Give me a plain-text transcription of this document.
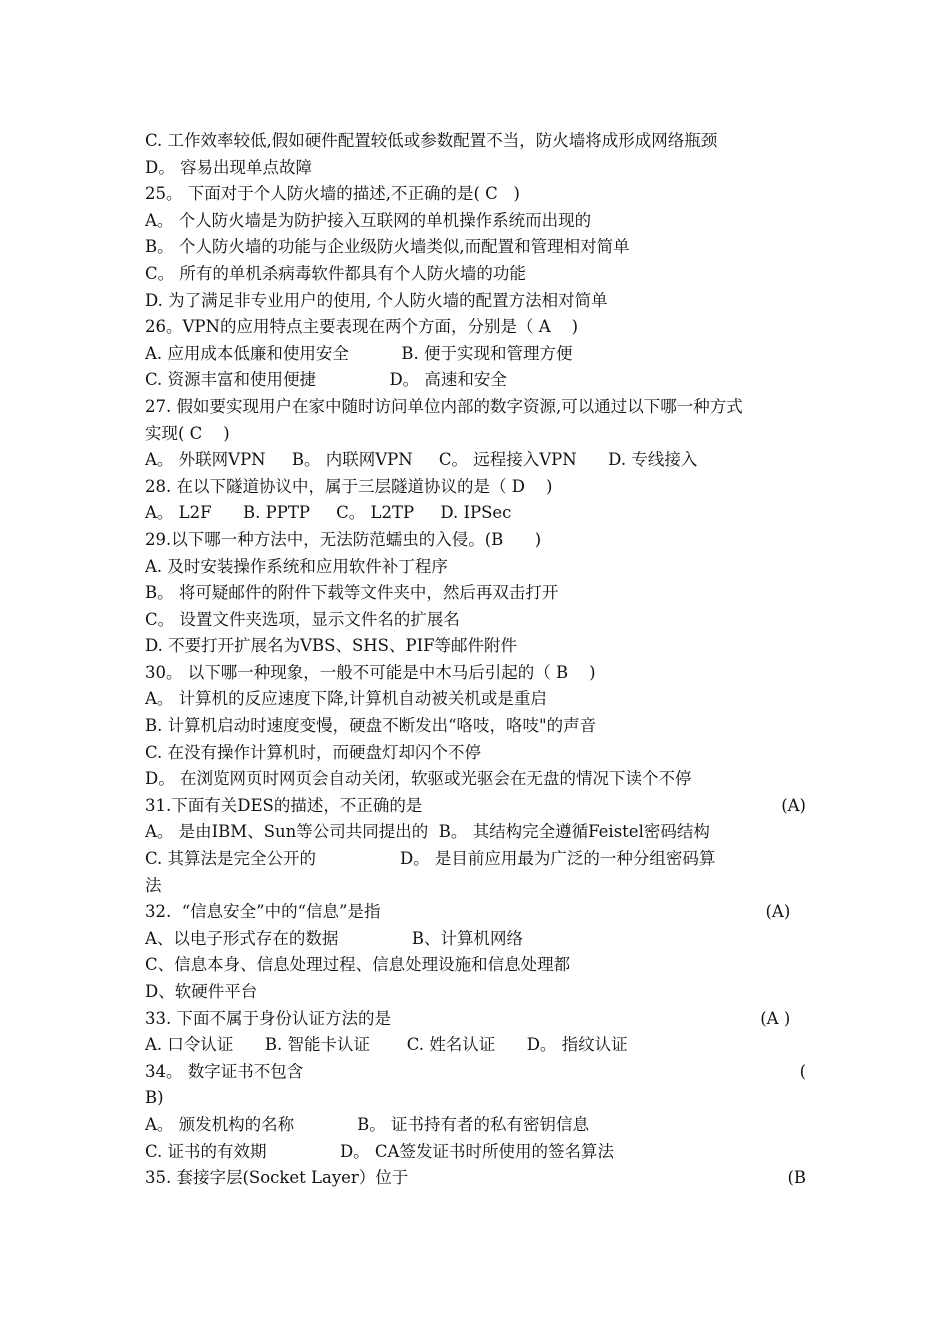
C. 工作效率较低,假如硬件配置较低或参数配置不当，防火墙将成形成网络瓶颈
D。 容易出现单点故障
25。 下面对于个人防火墙的描述,不正确的是( C   )
A。 个人防火墙是为防护接入互联网的单机操作系统而出现的
B。 个人防火墙的功能与企业级防火墙类似,而配置和管理相对简单
C。 所有的单机杀病毒软件都具有个人防火墙的功能
D. 为了满足非专业用户的使用, 个人防火墙的配置方法相对简单
26。VPN的应用特点主要表现在两个方面，分别是（ A    )
A. 应用成本低廉和使用安全          B. 便于实现和管理方便
C. 资源丰富和使用便捷              D。 高速和安全
27. 假如要实现用户在家中随时访问单位内部的数字资源,可以通过以下哪一种方式
实现( C    )
A。 外联网VPN     B。 内联网VPN     C。 远程接入VPN      D. 专线接入
28. 在以下隧道协议中，属于三层隧道协议的是（ D    )
A。 L2F      B. PPTP     C。 L2TP     D. IPSec
29.以下哪一种方法中，无法防范蠕虫的入侵。(B      )
A. 及时安装操作系统和应用软件补丁程序
B。 将可疑邮件的附件下载等文件夹中，然后再双击打开
C。 设置文件夹选项，显示文件名的扩展名
D. 不要打开扩展名为VBS、SHS、PIF等邮件附件
30。 以下哪一种现象，一般不可能是中木马后引起的（ B    )
A。 计算机的反应速度下降,计算机自动被关机或是重启
B. 计算机启动时速度变慢，硬盘不断发出“咯吱，咯吱"的声音
C. 在没有操作计算机时，而硬盘灯却闪个不停
D。 在浏览网页时网页会自动关闭，软驱或光驱会在无盘的情况下读个不停
31.下面有关DES的描述，不正确的是	(A)
A。 是由IBM、Sun等公司共同提出的  B。 其结构完全遵循Feistel密码结构
C. 其算法是完全公开的                D。 是目前应用最为广泛的一种分组密码算
法
32.  “信息安全”中的“信息”是指	(A)
A、以电子形式存在的数据              B、计算机网络
C、信息本身、信息处理过程、信息处理设施和信息处理都
D、软硬件平台
33. 下面不属于身份认证方法的是	(A )
A. 口令认证      B. 智能卡认证       C. 姓名认证      D。 指纹认证
34。 数字证书不包含	(
B)
A。 颁发机构的名称            B。 证书持有者的私有密钥信息
C. 证书的有效期              D。 CA签发证书时所使用的签名算法
35. 套接字层(Socket Layer）位于	(B
